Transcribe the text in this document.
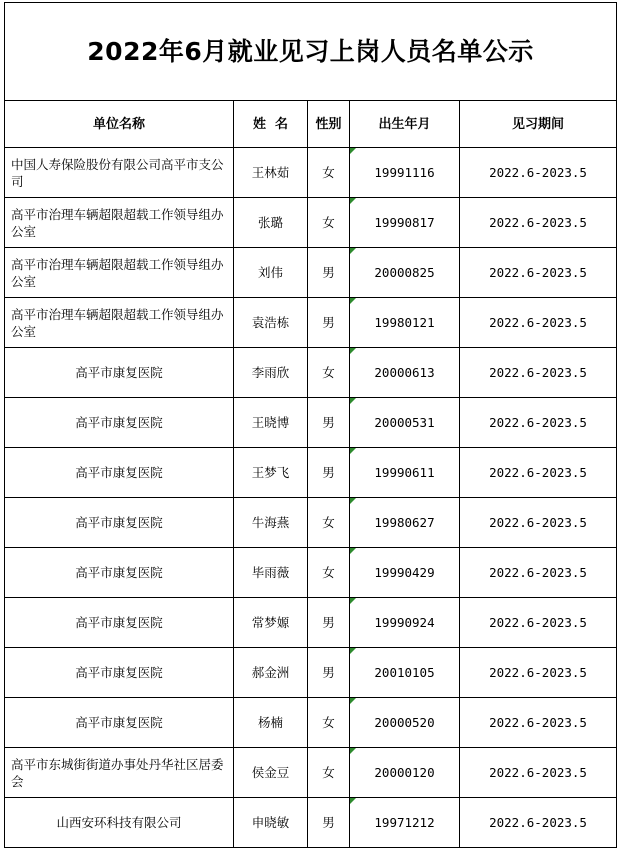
2022年6月就业见习上岗人员名单公示				
单位名称	姓  名	性别	出生年月	见习期间
中国人寿保险股份有限公司高平市支公司	王林茹	女	19991116	2022.6-2023.5
高平市治理车辆超限超载工作领导组办公室	张璐	女	19990817	2022.6-2023.5
高平市治理车辆超限超载工作领导组办公室	刘伟	男	20000825	2022.6-2023.5
高平市治理车辆超限超载工作领导组办公室	袁浩栋	男	19980121	2022.6-2023.5
高平市康复医院	李雨欣	女	20000613	2022.6-2023.5
高平市康复医院	王晓博	男	20000531	2022.6-2023.5
高平市康复医院	王梦飞	男	19990611	2022.6-2023.5
高平市康复医院	牛海燕	女	19980627	2022.6-2023.5
高平市康复医院	毕雨薇	女	19990429	2022.6-2023.5
高平市康复医院	常梦嫄	男	19990924	2022.6-2023.5
高平市康复医院	郝金洲	男	20010105	2022.6-2023.5
高平市康复医院	杨楠	女	20000520	2022.6-2023.5
高平市东城街街道办事处丹华社区居委会	侯金豆	女	20000120	2022.6-2023.5
山西安环科技有限公司	申晓敏	男	19971212	2022.6-2023.5
